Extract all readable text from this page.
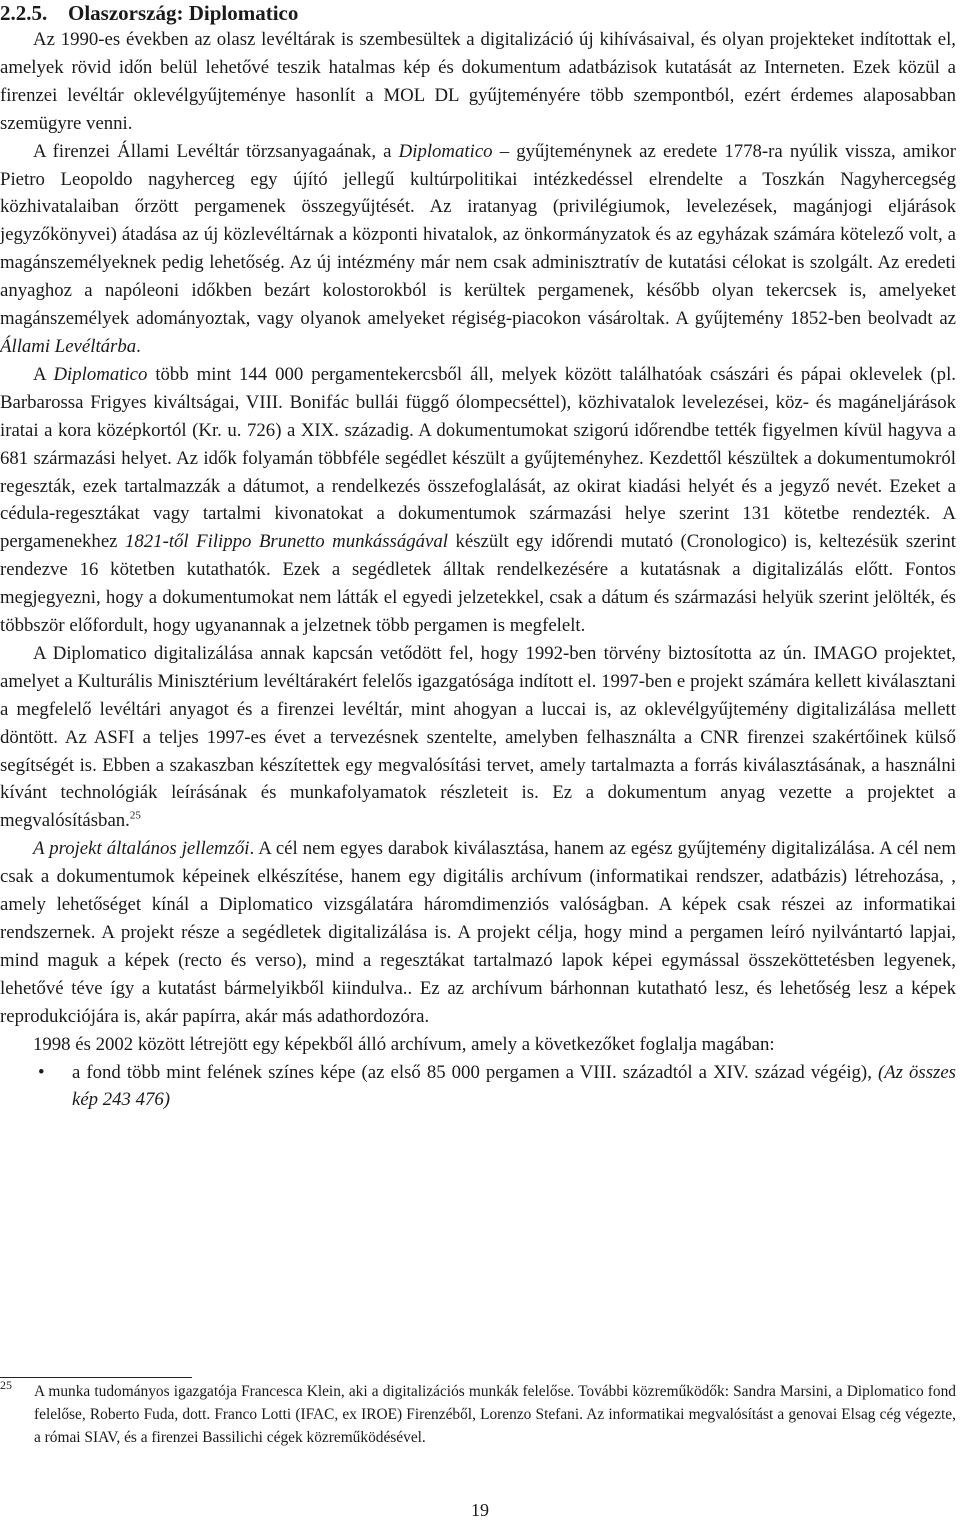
2.2.5. Olaszország: Diplomatico

Az 1990-es években az olasz levéltárak is szembesültek a digitalizáció új kihívásaival, és olyan projekteket indítottak el, amelyek rövid időn belül lehetővé teszik hatalmas kép és dokumentum adatbázisok kutatását az Interneten. Ezek közül a firenzei levéltár oklevélgyűjteménye hasonlít a MOL DL gyűjteményére több szempontból, ezért érdemes alaposabban szemügyre venni.

A firenzei Állami Levéltár törzsanyagaának, a Diplomatico – gyűjteménynek az eredete 1778-ra nyúlik vissza, amikor Pietro Leopoldo nagyherceg egy újító jellegű kultúrpolitikai intézkedéssel elrendelte a Toszkán Nagyhercegség közhivatalaiban őrzött pergamenek összegyűjtését. Az iratanyag (privilégiumok, levelezések, magánjogi eljárások jegyzőkönyvei) átadása az új közlevéltárnak a központi hivatalok, az önkormányzatok és az egyházak számára kötelező volt, a magánszemélyeknek pedig lehetőség. Az új intézmény már nem csak adminisztratív de kutatási célokat is szolgált. Az eredeti anyaghoz a napóleoni időkben bezárt kolostorokból is kerültek pergamenek, később olyan tekercsek is, amelyeket magánszemélyek adományoztak, vagy olyanok amelyeket régiség-piacokon vásároltak. A gyűjtemény 1852-ben beolvadt az Állami Levéltárba.

A Diplomatico több mint 144 000 pergamentekercsből áll, melyek között találhatóak császári és pápai oklevelek (pl. Barbarossa Frigyes kiváltságai, VIII. Bonifác bullái függő ólompecséttel), közhivatalok levelezései, köz- és magáneljárások iratai a kora középkortól (Kr. u. 726) a XIX. századig. A dokumentumokat szigorú időrendbe tették figyelmen kívül hagyva a 681 származási helyet. Az idők folyamán többféle segédlet készült a gyűjteményhez. Kezdettől készültek a dokumentumokról regeszták, ezek tartalmazzák a dátumot, a rendelkezés összefoglalását, az okirat kiadási helyét és a jegyző nevét. Ezeket a cédula-regesztákat vagy tartalmi kivonatokat a dokumentumok származási helye szerint 131 kötetbe rendezték. A pergamenekhez 1821-től Filippo Brunetto munkásságával készült egy időrendi mutató (Cronologico) is, keltezésük szerint rendezve 16 kötetben kutathatók. Ezek a segédletek álltak rendelkezésére a kutatásnak a digitalizálás előtt. Fontos megjegyezni, hogy a dokumentumokat nem látták el egyedi jelzetekkel, csak a dátum és származási helyük szerint jelölték, és többször előfordult, hogy ugyanannak a jelzetnek több pergamen is megfelelt.

A Diplomatico digitalizálása annak kapcsán vetődött fel, hogy 1992-ben törvény biztosította az ún. IMAGO projektet, amelyet a Kulturális Minisztérium levéltárakért felelős igazgatósága indított el. 1997-ben e projekt számára kellett kiválasztani a megfelelő levéltári anyagot és a firenzei levéltár, mint ahogyan a luccai is, az oklevélgyűjtemény digitalizálása mellett döntött. Az ASFI a teljes 1997-es évet a tervezésnek szentelte, amelyben felhasználta a CNR firenzei szakértőinek külső segítségét is. Ebben a szakaszban készítettek egy megvalósítási tervet, amely tartalmazta a forrás kiválasztásának, a használni kívánt technológiák leírásának és munkafolyamatok részleteit is. Ez a dokumentum anyag vezette a projektet a megvalósításban.$^{25}$

A projekt általános jellemzői. A cél nem egyes darabok kiválasztása, hanem az egész gyűjtemény digitalizálása. A cél nem csak a dokumentumok képeinek elkészítése, hanem egy digitális archívum (informatikai rendszer, adatbázis) létrehozása, , amely lehetőséget kínál a Diplomatico vizsgálatára háromdimenziós valóságban. A képek csak részei az informatikai rendszernek. A projekt része a segédletek digitalizálása is. A projekt célja, hogy mind a pergamen leíró nyilvántartó lapjai, mind maguk a képek (recto és verso), mind a regesztákat tartalmazó lapok képei egymással összeköttetésben legyenek, lehetővé téve így a kutatást bármelyikből kiindulva.. Ez az archívum bárhonnan kutatható lesz, és lehetőség lesz a képek reprodukciójára is, akár papírra, akár más adathordozóra.

1998 és 2002 között létrejött egy képekből álló archívum, amely a következőket foglalja magában:

• a fond több mint felének színes képe (az első 85 000 pergamen a VIII. századtól a XIV. század végéig), (Az összes kép 243 476)
25 A munka tudományos igazgatója Francesca Klein, aki a digitalizációs munkák felelőse. További közreműködők: Sandra Marsini, a Diplomatico fond felelőse, Roberto Fuda, dott. Franco Lotti (IFAC, ex IROE) Firenzéből, Lorenzo Stefani. Az informatikai megvalósítást a genovai Elsag cég végezte, a római SIAV, és a firenzei Bassilichi cégek közreműködésével.
19
